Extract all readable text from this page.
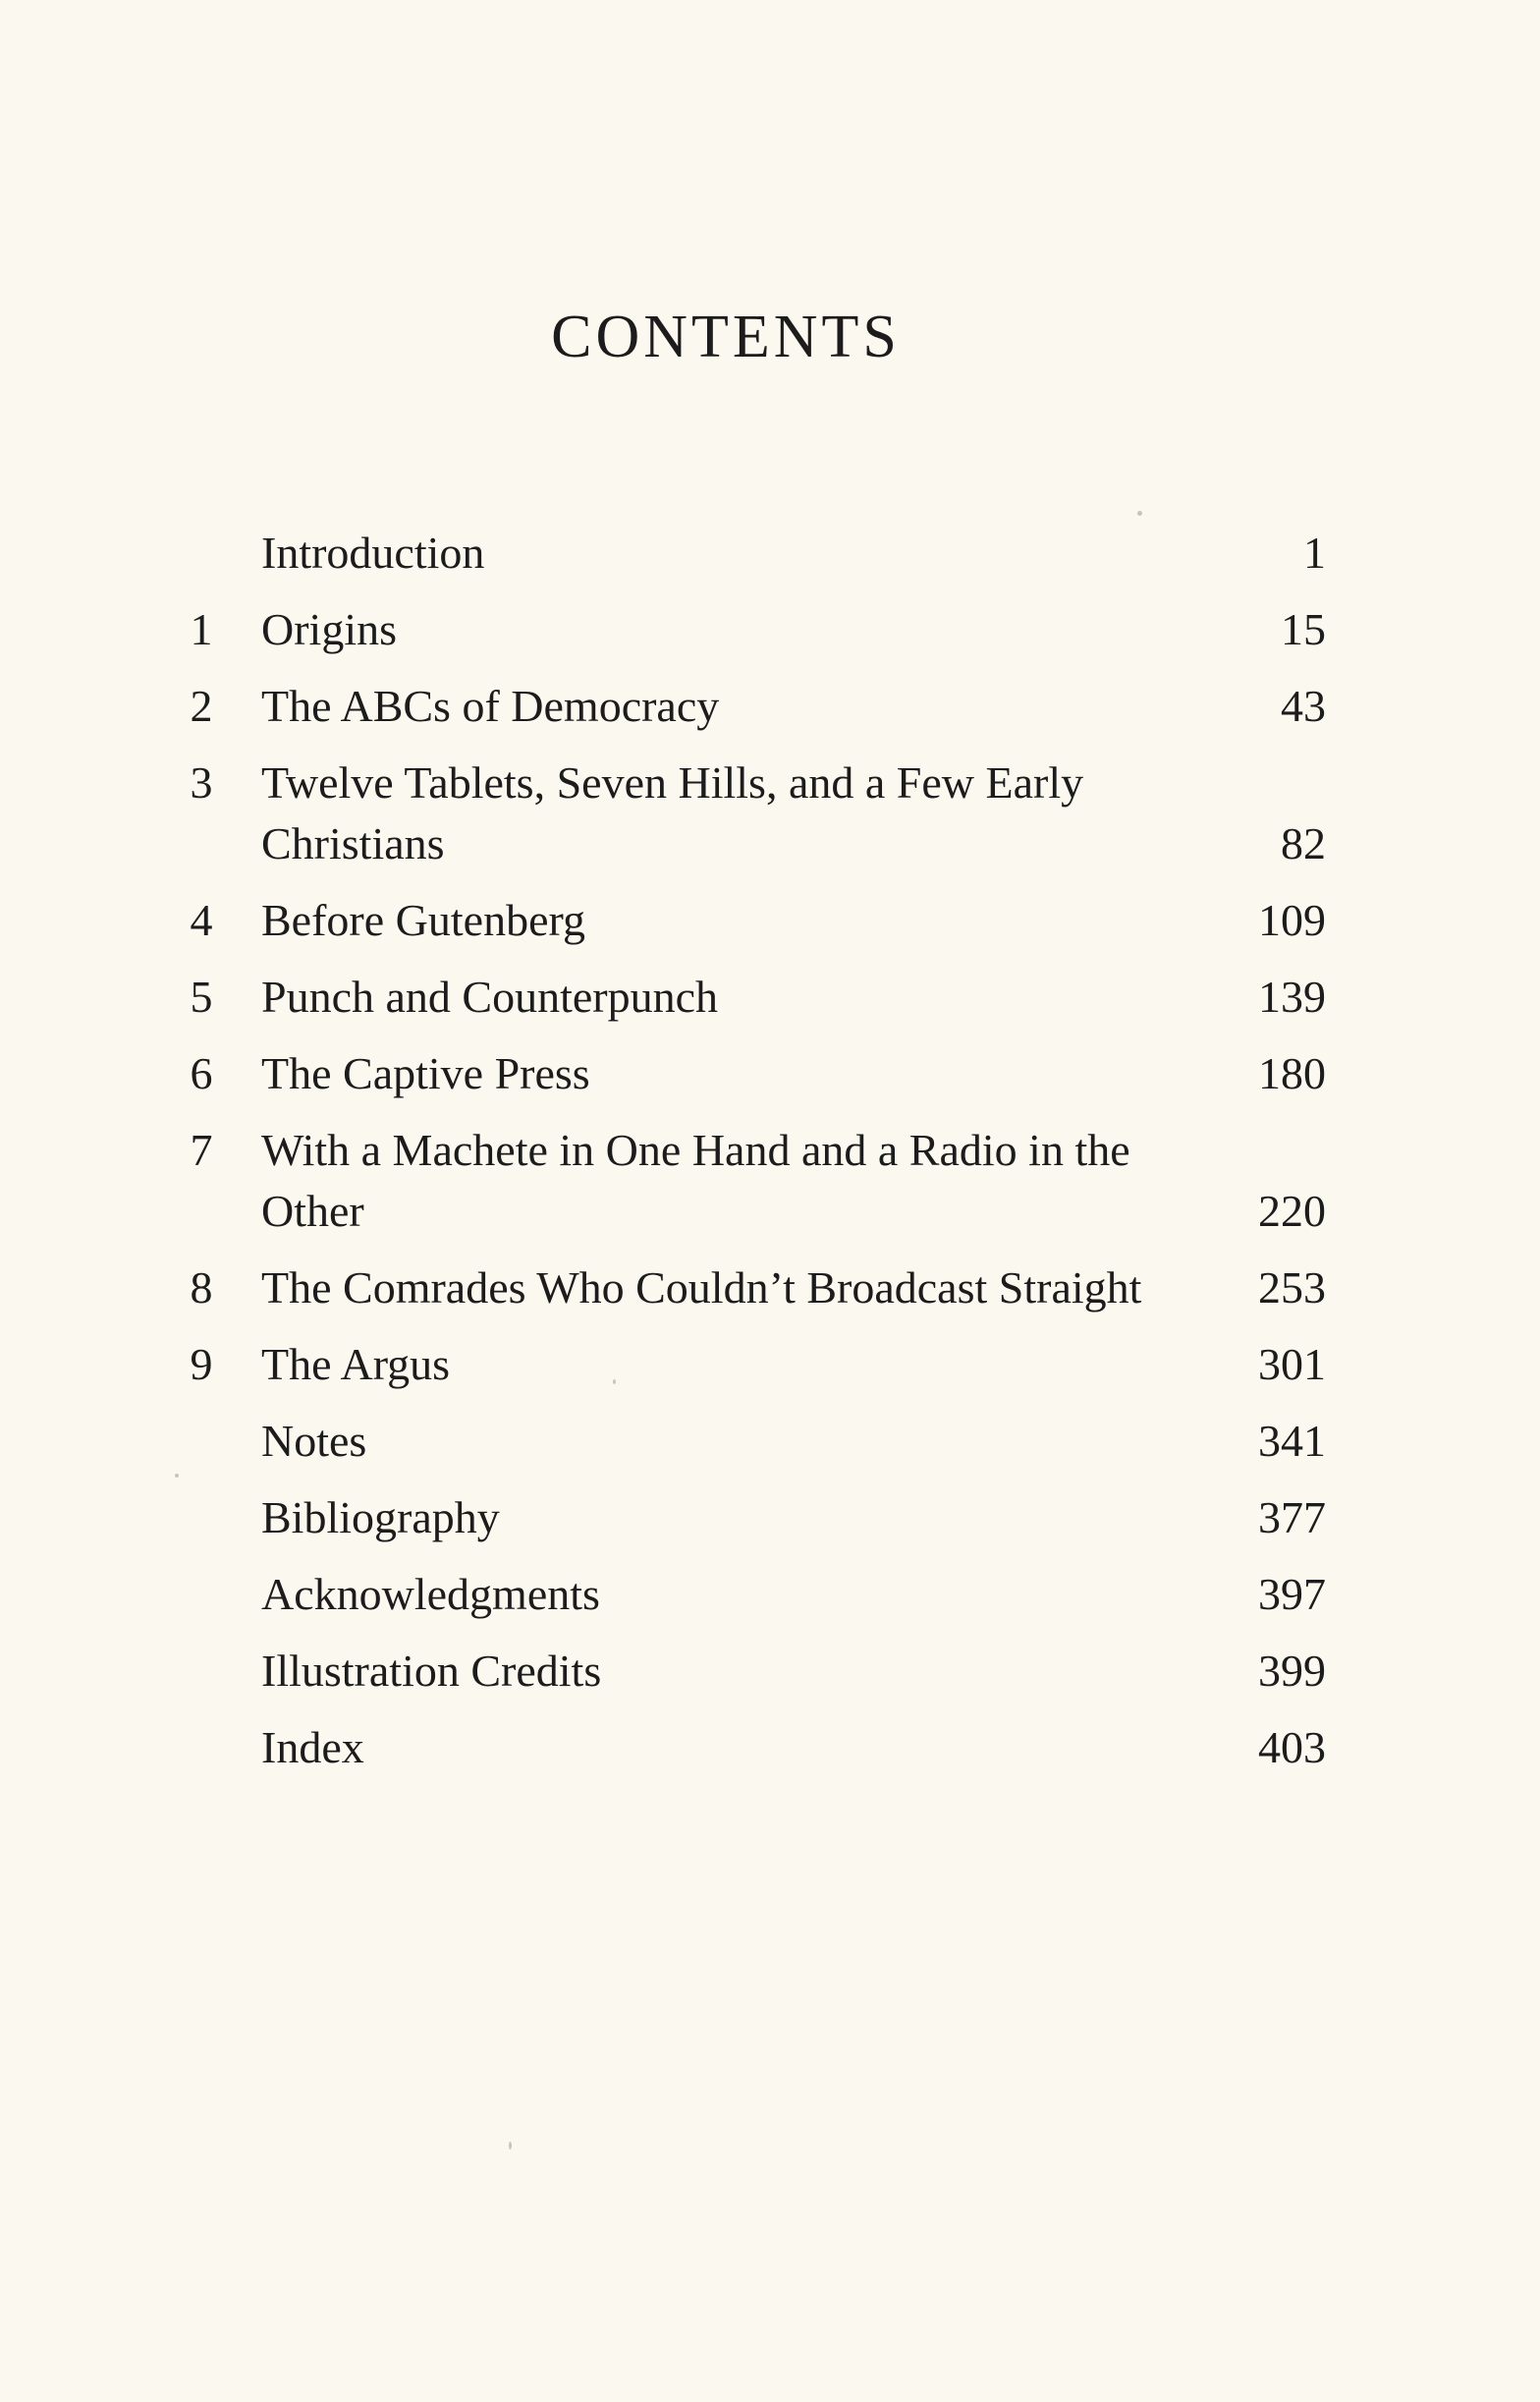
CONTENTS
Introduction	1
1 Origins	15
2 The ABCs of Democracy	43
3 Twelve Tablets, Seven Hills, and a Few Early Christians	82
4 Before Gutenberg	109
5 Punch and Counterpunch	139
6 The Captive Press	180
7 With a Machete in One Hand and a Radio in the Other	220
8 The Comrades Who Couldn’t Broadcast Straight	253
9 The Argus	301
Notes	341
Bibliography	377
Acknowledgments	397
Illustration Credits	399
Index	403
